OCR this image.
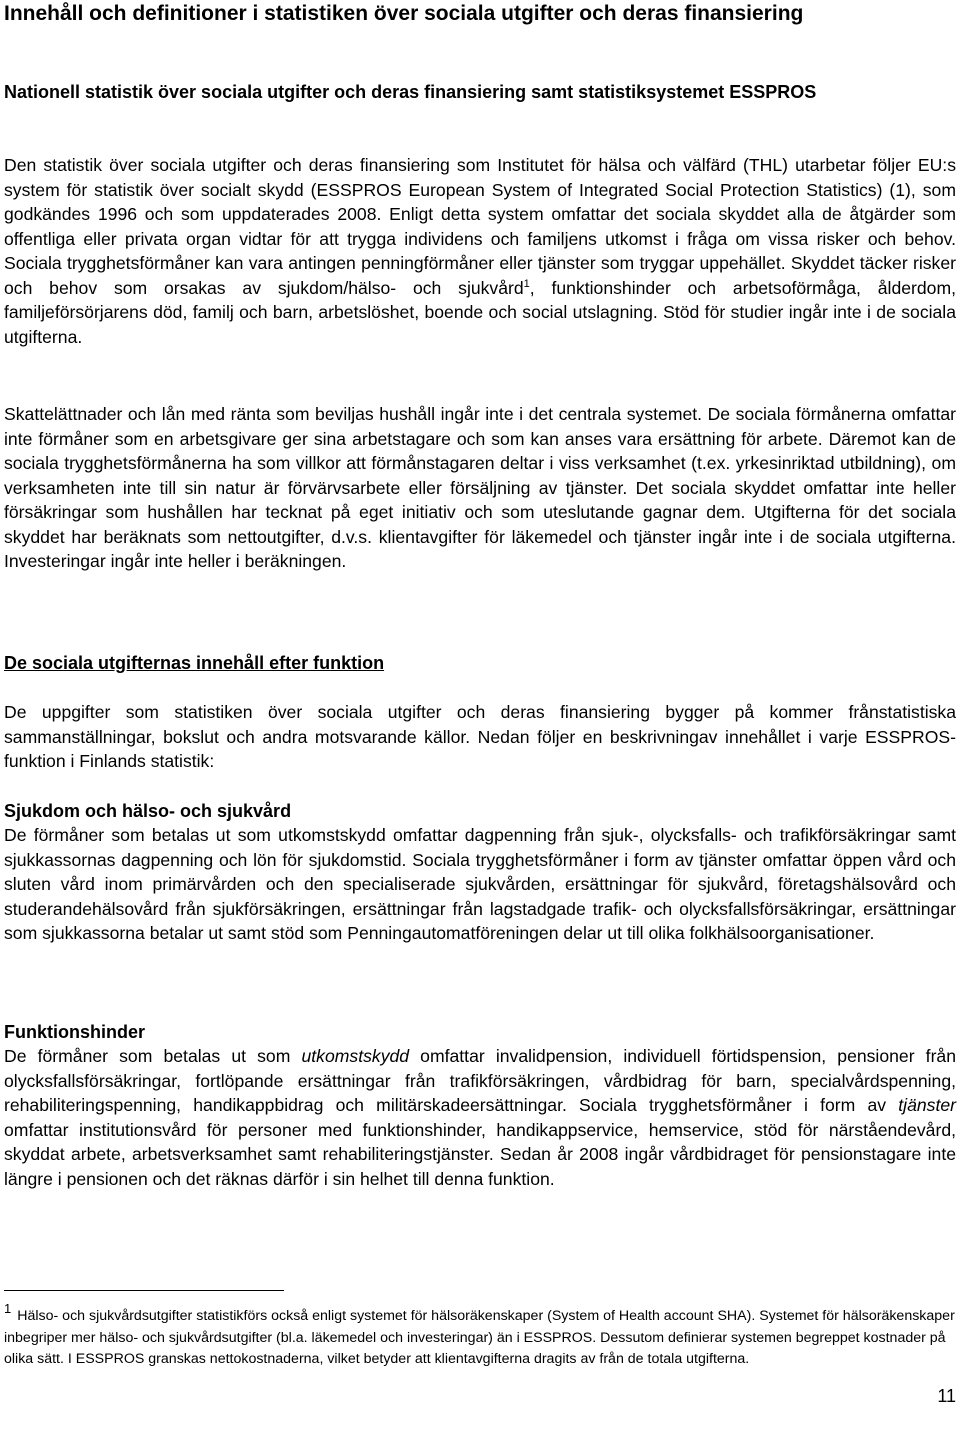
Innehåll och definitioner i statistiken över sociala utgifter och deras finansiering
Nationell statistik över sociala utgifter och deras finansiering samt statistiksystemet ESSPROS

Den statistik över sociala utgifter och deras finansiering som Institutet för hälsa och välfärd (THL) utarbetar följer EU:s system för statistik över socialt skydd (ESSPROS European System of Integrated Social Protection Statistics) (1), som godkändes 1996 och som uppdaterades 2008. Enligt detta system omfattar det sociala skyddet alla de åtgärder som offentliga eller privata organ vidtar för att trygga individens och familjens utkomst i fråga om vissa risker och behov. Sociala trygghetsförmåner kan vara antingen penningförmåner eller tjänster som tryggar uppehället. Skyddet täcker risker och behov som orsakas av sjukdom/hälso- och sjukvård$^1$, funktionshinder och arbetsoförmåga, ålderdom, familjeförsörjarens död, familj och barn, arbetslöshet, boende och social utslagning. Stöd för studier ingår inte i de sociala utgifterna.

Skattelättnader och lån med ränta som beviljas hushåll ingår inte i det centrala systemet. De sociala förmånerna omfattar inte förmåner som en arbetsgivare ger sina arbetstagare och som kan anses vara ersättning för arbete. Däremot kan de sociala trygghetsförmånerna ha som villkor att förmånstagaren deltar i viss verksamhet (t.ex. yrkesinriktad utbildning), om verksamheten inte till sin natur är förvärvsarbete eller försäljning av tjänster. Det sociala skyddet omfattar inte heller försäkringar som hushållen har tecknat på eget initiativ och som uteslutande gagnar dem. Utgifterna för det sociala skyddet har beräknats som nettoutgifter, d.v.s. klientavgifter för läkemedel och tjänster ingår inte i de sociala utgifterna. Investeringar ingår inte heller i beräkningen.

De sociala utgifternas innehåll efter funktion

De uppgifter som statistiken över sociala utgifter och deras finansiering bygger på kommer frånstatistiska sammanställningar, bokslut och andra motsvarande källor. Nedan följer en beskrivningav innehållet i varje ESSPROS-funktion i Finlands statistik:

Sjukdom och hälso- och sjukvård

De förmåner som betalas ut som utkomstskydd omfattar dagpenning från sjuk-, olycksfalls- och trafikförsäkringar samt sjukkassornas dagpenning och lön för sjukdomstid. Sociala trygghetsförmåner i form av tjänster omfattar öppen vård och sluten vård inom primärvården och den specialiserade sjukvården, ersättningar för sjukvård, företagshälsovård och studerandehälsovård från sjukförsäkringen, ersättningar från lagstadgade trafik- och olycksfallsförsäkringar, ersättningar som sjukkassorna betalar ut samt stöd som Penningautomatföreningen delar ut till olika folkhälsoorganisationer.

Funktionshinder

De förmåner som betalas ut som utkomstskydd omfattar invalidpension, individuell förtidspension, pensioner från olycksfallsförsäkringar, fortlöpande ersättningar från trafikförsäkringen, vårdbidrag för barn, specialvårdspenning, rehabiliteringspenning, handikappbidrag och militärskadeersättningar. Sociala trygghetsförmåner i form av tjänster omfattar institutionsvård för personer med funktionshinder, handikappservice, hemservice, stöd för närståendevård, skyddat arbete, arbetsverksamhet samt rehabiliteringstjänster. Sedan år 2008 ingår vårdbidraget för pensionstagare inte längre i pensionen och det räknas därför i sin helhet till denna funktion.

1 Hälso- och sjukvårdsutgifter statistikförs också enligt systemet för hälsoräkenskaper (System of Health account SHA). Systemet för hälsoräkenskaper inbegriper mer hälso- och sjukvårdsutgifter (bl.a. läkemedel och investeringar) än i ESSPROS. Dessutom definierar systemen begreppet kostnader på olika sätt. I ESSPROS granskas nettokostnaderna, vilket betyder att klientavgifterna dragits av från de totala utgifterna.

11
